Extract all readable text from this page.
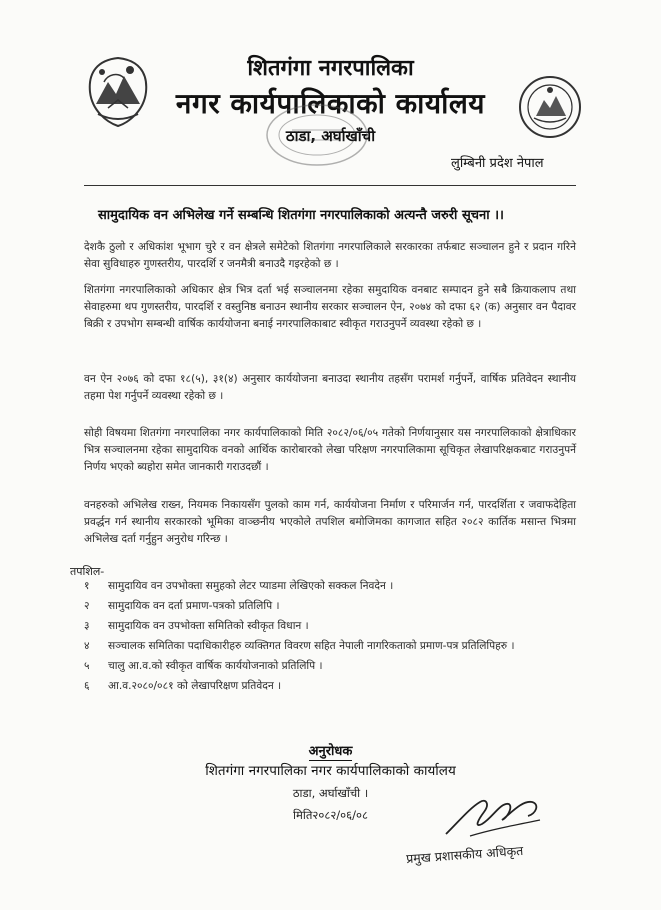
शितगंगा नगरपालिका
नगर कार्यपालिकाको कार्यालय
ठाडा, अर्घाखाँची
लुम्बिनी प्रदेश नेपाल
सामुदायिक वन अभिलेख गर्ने सम्बन्धि शितगंगा नगरपालिकाको अत्यन्तै जरुरी सूचना ।।
देशकै ठुलो र अधिकांश भूभाग चुरे र वन क्षेत्रले समेटेको शितगंगा नगरपालिकाले सरकारका तर्फबाट सञ्चालन हुने र प्रदान गरिने सेवा सुविधाहरु गुणस्तरीय, पारदर्शि र जनमैत्री बनाउदै गइरहेको छ ।
शितगंगा नगरपालिकाको अधिकार क्षेत्र भित्र दर्ता भई सञ्चालनमा रहेका समुदायिक वनबाट सम्पादन हुने सबै क्रियाकलाप तथा सेवाहरुमा थप गुणस्तरीय, पारदर्शि र वस्तुनिष्ठ बनाउन स्थानीय सरकार सञ्चालन ऐन, २०७४ को दफा ६२ (क) अनुसार वन पैदावर बिक्री र उपभोग सम्बन्धी वार्षिक कार्ययोजना बनाई नगरपालिकाबाट स्वीकृत गराउनुपर्ने व्यवस्था रहेको छ ।
वन ऐन २०७६ को दफा १८(५), ३१(४) अनुसार कार्ययोजना बनाउदा स्थानीय तहसँग परामर्श गर्नुपर्ने, वार्षिक प्रतिवेदन स्थानीय तहमा पेश गर्नुपर्ने व्यवस्था रहेको छ ।
सोही विषयमा शितगंगा नगरपालिका नगर कार्यपालिकाको मिति २०८२/०६/०५ गतेको निर्णयानुसार यस नगरपालिकाको क्षेत्राधिकार भित्र सञ्चालनमा रहेका सामुदायिक वनको आर्थिक कारोबारको लेखा परिक्षण नगरपालिकामा सूचिकृत लेखापरिक्षकबाट गराउनुपर्ने निर्णय भएको ब्यहोरा समेत जानकारी गराउदछौं ।
वनहरुको अभिलेख राख्न, नियमक निकायसँग पुलको काम गर्न, कार्ययोजना निर्माण र परिमार्जन गर्न, पारदर्शिता र जवाफदेहिता प्रवर्द्धन गर्न स्थानीय सरकारको भूमिका वाञ्छनीय भएकोले तपशिल बमोजिमका कागजात सहित २०८२ कार्तिक मसान्त भित्रमा अभिलेख दर्ता गर्नुहुन अनुरोध गरिन्छ ।
तपशिल-
१	सामुदायिव वन उपभोक्ता समुहको लेटर प्याडमा लेखिएको सक्कल निवदेन ।
२	सामुदायिक वन दर्ता प्रमाण-पत्रको प्रतिलिपि ।
३	सामुदायिक वन उपभोक्ता समितिको स्वीकृत विधान ।
४	सञ्चालक समितिका पदाधिकारीहरु व्यक्तिगत विवरण सहित नेपाली नागरिकताको प्रमाण-पत्र प्रतिलिपिहरु ।
५	चालु आ.व.को स्वीकृत वार्षिक कार्ययोजनाको प्रतिलिपि ।
६	आ.व.२०८०/०८१ को लेखापरिक्षण प्रतिवेदन ।
अनुरोधक
शितगंगा नगरपालिका नगर कार्यपालिकाको कार्यालय
ठाडा, अर्घाखाँची ।
मिति२०८२/०६/०८
प्रमुख प्रशासकीय अधिकृत
